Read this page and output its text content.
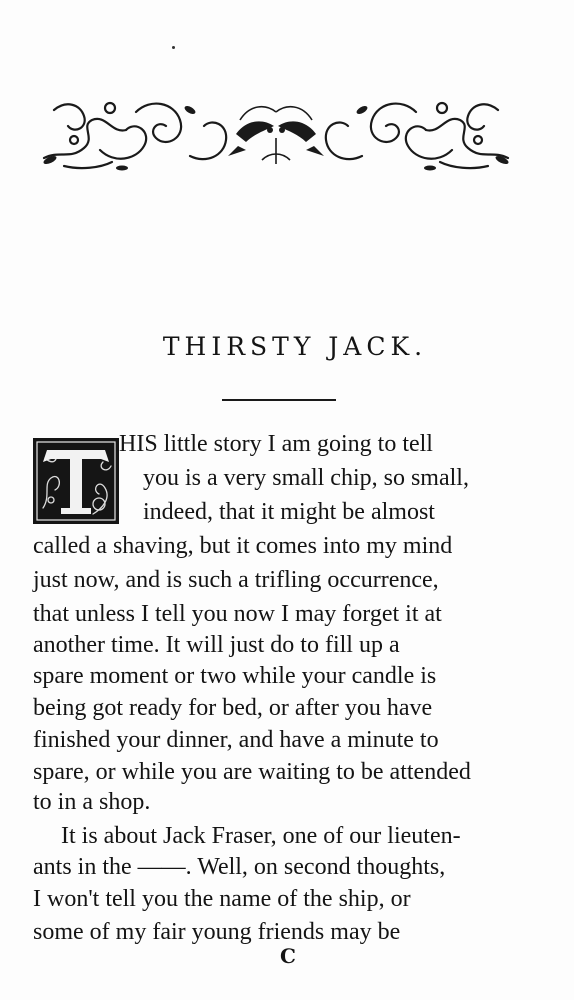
THIRSTY JACK.
HIS little story I am going to tell
you is a very small chip, so small,
indeed, that it might be almost
called a shaving, but it comes into my mind
just now, and is such a trifling occurrence,
that unless I tell you now I may forget it at
another time. It will just do to fill up a
spare moment or two while your candle is
being got ready for bed, or after you have
finished your dinner, and have a minute to
spare, or while you are waiting to be attended
to in a shop.
It is about Jack Fraser, one of our lieuten-
ants in the ——. Well, on second thoughts,
I won't tell you the name of the ship, or
some of my fair young friends may be
C
